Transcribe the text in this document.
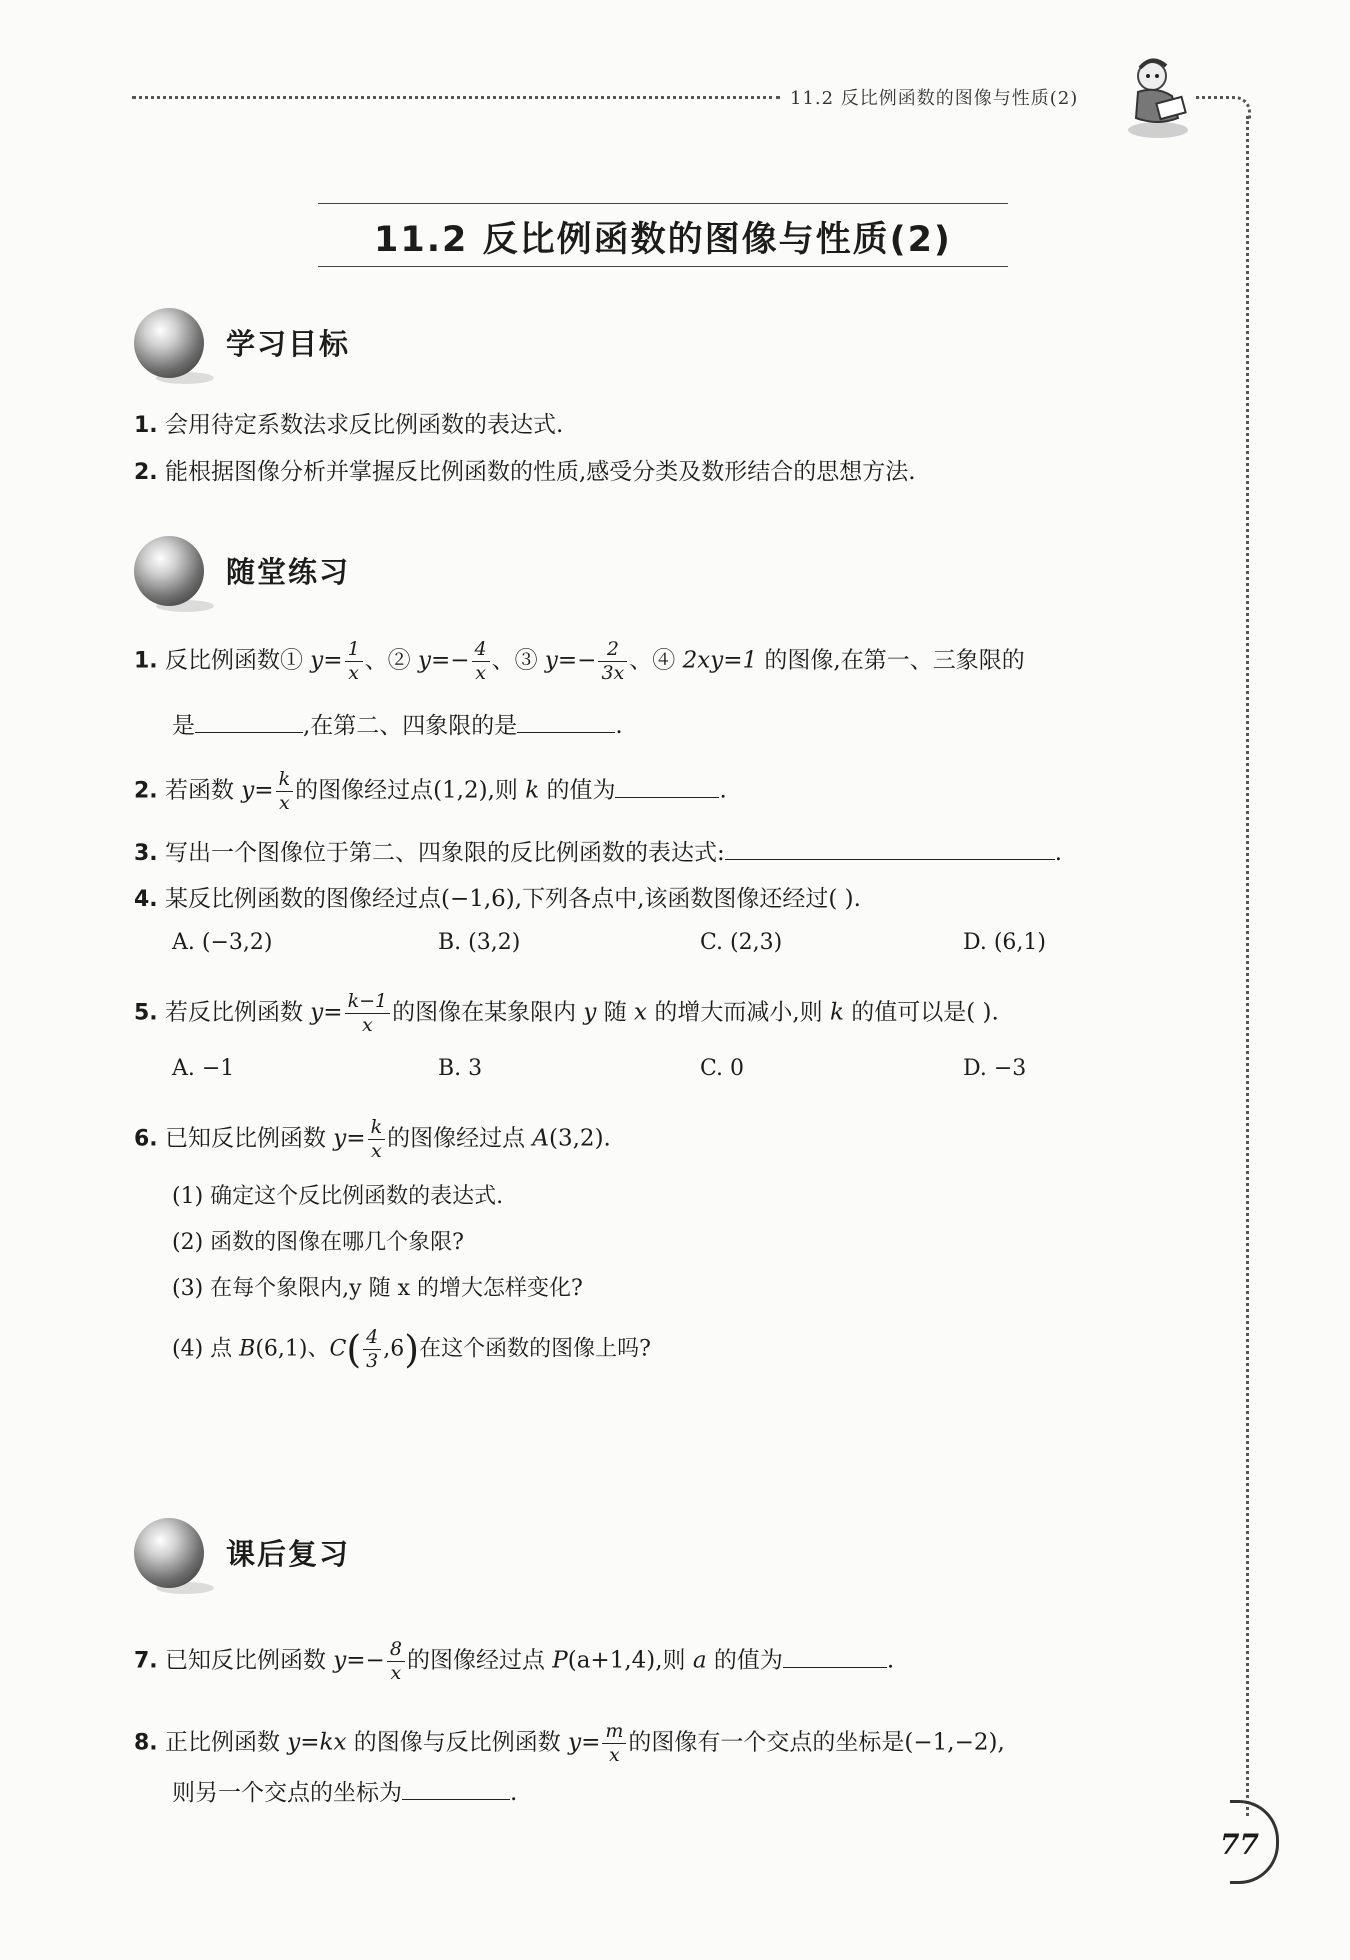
11.2 反比例函数的图像与性质(2)
11.2 反比例函数的图像与性质(2)
学习目标
1. 会用待定系数法求反比例函数的表达式.
2. 能根据图像分析并掌握反比例函数的性质,感受分类及数形结合的思想方法.
随堂练习
1. 反比例函数① $y= \frac{1}{x}$ 、② $y=- \frac{4}{x}$ 、③ $y=- \frac{2}{3x}$ 、④ 2xy=1 的图像,在第一、三象限的
是	,在第二、四象限的是	.
2. 若函数 $y= \frac{k}{x}$ 的图像经过点(1,2),则 k 的值为	.
3. 写出一个图像位于第二、四象限的反比例函数的表达式:	.
4. 某反比例函数的图像经过点(−1,6),下列各点中,该函数图像还经过( ).
A. (−3,2)	B. (3,2)	C. (2,3)	D. (6,1)
5. 若反比例函数 $y= \frac{k-1}{x}$ 的图像在某象限内 y 随 x 的增大而减小,则 k 的值可以是( ).
A. −1	B. 3	C. 0	D. −3
6. 已知反比例函数 $y= \frac{k}{x}$ 的图像经过点 A(3,2).
(1) 确定这个反比例函数的表达式.
(2) 函数的图像在哪几个象限?
(3) 在每个象限内,y 随 x 的增大怎样变化?
(4) 点 B(6,1)、$C( \frac{4}{3} ,6)$在这个函数的图像上吗?
课后复习
7. 已知反比例函数 $y=- \frac{8}{x}$ 的图像经过点 P(a+1,4),则 a 的值为	.
8. 正比例函数 y=kx 的图像与反比例函数 $y= \frac{m}{x}$ 的图像有一个交点的坐标是(−1,−2),
则另一个交点的坐标为	.
77
